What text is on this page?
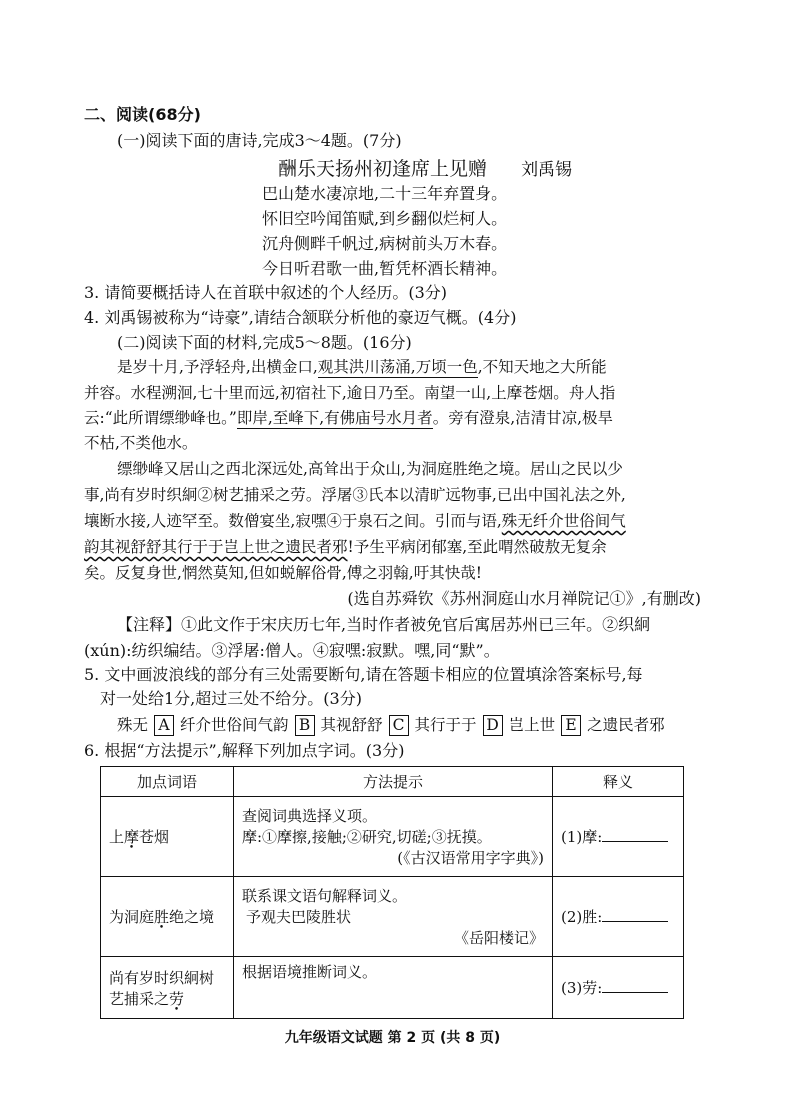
二、阅读(68分)
(一)阅读下面的唐诗,完成3～4题。(7分)
酬乐天扬州初逢席上见赠 刘禹锡
巴山楚水凄凉地,二十三年弃置身。
怀旧空吟闻笛赋,到乡翻似烂柯人。
沉舟侧畔千帆过,病树前头万木春。
今日听君歌一曲,暂凭杯酒长精神。
3. 请简要概括诗人在首联中叙述的个人经历。(3分)
4. 刘禹锡被称为“诗豪”,请结合颔联分析他的豪迈气概。(4分)
(二)阅读下面的材料,完成5～8题。(16分)
是岁十月,予浮轻舟,出横金口,观其洪川荡涌,万顷一色,不知天地之大所能
并容。水程溯洄,七十里而远,初宿社下,逾日乃至。南望一山,上摩苍烟。舟人指
云:“此所谓缥缈峰也。”即岸,至峰下,有佛庙号水月者。旁有澄泉,洁清甘凉,极旱
不枯,不类他水。
缥缈峰又居山之西北深远处,高耸出于众山,为洞庭胜绝之境。居山之民以少
事,尚有岁时织絅②树艺捕采之劳。浮屠③氏本以清旷远物事,已出中国礼法之外,
壤断水接,人迹罕至。数僧宴坐,寂嘿④于泉石之间。引而与语,殊无纤介世俗间气
韵其视舒舒其行于于岂上世之遗民者邪!予生平病闭郁塞,至此喟然破敖无复余
矣。反复身世,惘然莫知,但如蜕解俗骨,傅之羽翰,吁其快哉!
(选自苏舜钦《苏州洞庭山水月禅院记①》,有删改)
【注释】①此文作于宋庆历七年,当时作者被免官后寓居苏州已三年。②织絅
(xún):纺织编结。③浮屠:僧人。④寂嘿:寂默。嘿,同“默”。
5. 文中画波浪线的部分有三处需要断句,请在答题卡相应的位置填涂答案标号,每
对一处给1分,超过三处不给分。(3分)
殊无 A 纤介世俗间气韵 B 其视舒舒 C 其行于于 D 岂上世 E 之遗民者邪
6. 根据“方法提示”,解释下列加点字词。(3分)
加点词语	方法提示	释义
上摩苍烟	查阅词典选择义项。
摩:①摩擦,接触;②研究,切磋;③抚摸。
(《古汉语常用字字典》)	(1)摩:
为洞庭胜绝之境	联系课文语句解释词义。
予观夫巴陵胜状
《岳阳楼记》	(2)胜:

尚有岁时织絅树
艺捕采之劳	根据语境推断词义。	(3)劳:
九年级语文试题 第 2 页 (共 8 页)
